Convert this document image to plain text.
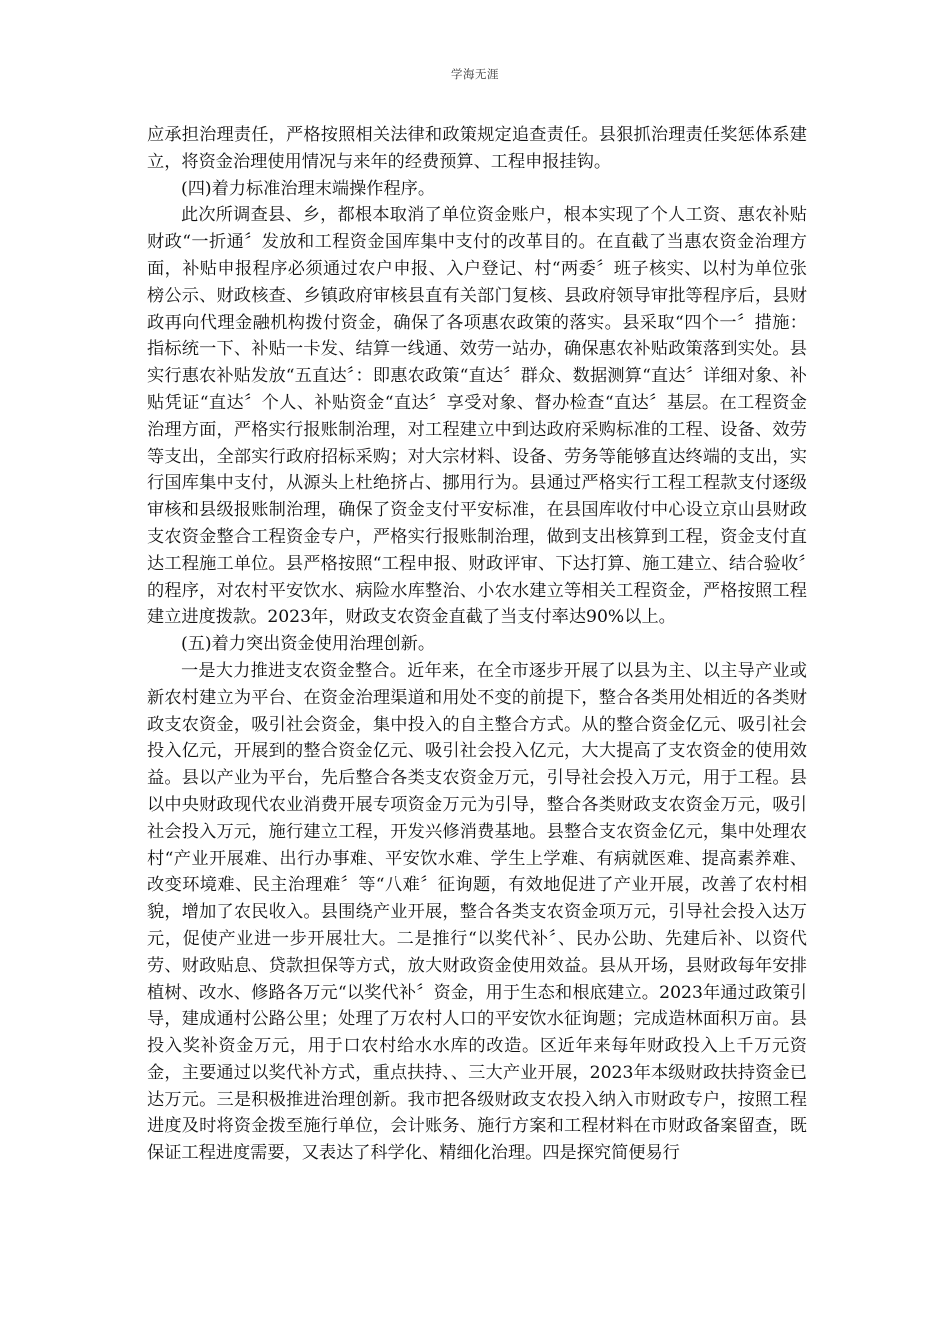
学海无涯

应承担治理责任，严格按照相关法律和政策规定追查责任。县狠抓治理责任奖惩体系建立，将资金治理使用情况与来年的经费预算、工程申报挂钩。

(四)着力标准治理末端操作程序。

此次所调查县、乡，都根本取消了单位资金账户，根本实现了个人工资、惠农补贴财政“一折通〞发放和工程资金国库集中支付的改革目的。在直截了当惠农资金治理方面，补贴申报程序必须通过农户申报、入户登记、村“两委〞班子核实、以村为单位张榜公示、财政核查、乡镇政府审核县直有关部门复核、县政府领导审批等程序后，县财政再向代理金融机构拨付资金，确保了各项惠农政策的落实。县采取“四个一〞措施：指标统一下、补贴一卡发、结算一线通、效劳一站办，确保惠农补贴政策落到实处。县实行惠农补贴发放“五直达〞：即惠农政策“直达〞群众、数据测算“直达〞详细对象、补贴凭证“直达〞个人、补贴资金“直达〞享受对象、督办检查“直达〞基层。在工程资金治理方面，严格实行报账制治理，对工程建立中到达政府采购标准的工程、设备、效劳等支出，全部实行政府招标采购；对大宗材料、设备、劳务等能够直达终端的支出，实行国库集中支付，从源头上杜绝挤占、挪用行为。县通过严格实行工程工程款支付逐级审核和县级报账制治理，确保了资金支付平安标准，在县国库收付中心设立京山县财政支农资金整合工程资金专户，严格实行报账制治理，做到支出核算到工程，资金支付直达工程施工单位。县严格按照“工程申报、财政评审、下达打算、施工建立、结合验收〞的程序，对农村平安饮水、病险水库整治、小农水建立等相关工程资金，严格按照工程建立进度拨款。2023年，财政支农资金直截了当支付率达90%以上。

(五)着力突出资金使用治理创新。

一是大力推进支农资金整合。近年来，在全市逐步开展了以县为主、以主导产业或新农村建立为平台、在资金治理渠道和用处不变的前提下，整合各类用处相近的各类财政支农资金，吸引社会资金，集中投入的自主整合方式。从的整合资金亿元、吸引社会投入亿元，开展到的整合资金亿元、吸引社会投入亿元，大大提高了支农资金的使用效益。县以产业为平台，先后整合各类支农资金万元，引导社会投入万元，用于工程。县以中央财政现代农业消费开展专项资金万元为引导，整合各类财政支农资金万元，吸引社会投入万元，施行建立工程，开发兴修消费基地。县整合支农资金亿元，集中处理农村“产业开展难、出行办事难、平安饮水难、学生上学难、有病就医难、提高素养难、改变环境难、民主治理难〞等“八难〞征询题，有效地促进了产业开展，改善了农村相貌，增加了农民收入。县围绕产业开展，整合各类支农资金项万元，引导社会投入达万元，促使产业进一步开展壮大。二是推行“以奖代补〞、民办公助、先建后补、以资代劳、财政贴息、贷款担保等方式，放大财政资金使用效益。县从开场，县财政每年安排植树、改水、修路各万元“以奖代补〞资金，用于生态和根底建立。2023年通过政策引导，建成通村公路公里；处理了万农村人口的平安饮水征询题；完成造林面积万亩。县投入奖补资金万元，用于口农村给水水库的改造。区近年来每年财政投入上千万元资金，主要通过以奖代补方式，重点扶持、、三大产业开展，2023年本级财政扶持资金已达万元。三是积极推进治理创新。我市把各级财政支农投入纳入市财政专户，按照工程进度及时将资金拨至施行单位，会计账务、施行方案和工程材料在市财政备案留查，既保证工程进度需要，又表达了科学化、精细化治理。四是探究简便易行
